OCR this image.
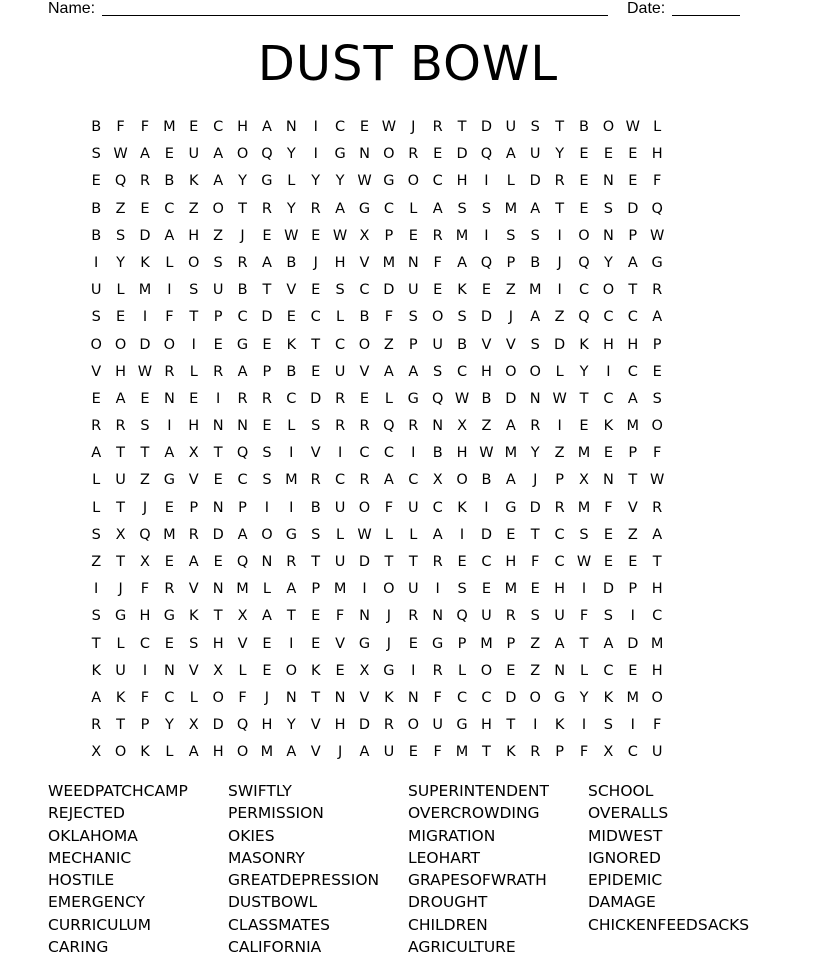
Name:	Date:
DUST BOWL
B	F	F M E	C H A N	I	C	E W	J	R	T D U S	T	B O W L
S W A	E U A O Q Y	I	G N O R	E D Q A U	Y	E	E	E H
E Q R B	K	A	Y G	L	Y	Y W G O C H	I	L	D R	E N E	F
B Z	E	C Z O T	R	Y	R A G C	L	A	S	S M A	T	E	S D Q
B	S D A H Z	J	E W E W X	P	E	R M	I	S	S	I	O N	P W
I	Y	K	L	O S	R A B	J	H V M N	F	A Q P	B	J	Q Y	A G
U	L M	I	S U B	T	V	E	S	C D U	E	K	E	Z M	I	C O T	R
S	E	I	F	T	P	C D E	C	L	B	F	S O S D	J	A Z Q C C A
O O D O	I	E G E	K	T	C O Z	P	U B V V	S D K H H	P
V H W R	L	R A	P	B	E U V A A	S	C H O O	L	Y	I	C	E
E	A	E N E	I	R R C D R	E	L	G Q W B D N W T	C A	S
R R	S	I	H N N E	L	S	R R Q R N X Z A R	I	E	K M O
A	T	T	A X	T Q S	I	V	I	C C	I	B H W M Y	Z M E	P	F
L	U Z G V	E	C	S M R C R A C X O B A	J	P	X N	T W
L	T	J	E	P	N	P	I	I	B U O	F	U C	K	I	G D R M F	V R
S	X Q M R D A O G S	L W L	L	A	I	D E	T	C	S	E	Z A
Z	T	X	E	A	E Q N R	T	U D T	T	R	E	C H	F	C W E	E	T
I	J	F	R V N M L	A	P M	I	O U	I	S	E M E H	I	D P	H
S G H G K	T	X A	T	E	F	N	J	R N Q U R	S U	F	S	I	C
T	L	C	E	S H V	E	I	E	V G	J	E G P M P	Z A	T	A D M
K U	I	N V X	L	E O K	E	X G	I	R	L	O E	Z N	L	C	E H
A	K	F	C	L	O	F	J	N	T	N V	K N	F	C C D O G Y	K M O
R	T	P	Y	X D Q H	Y	V H D R O U G H	T	I	K	I	S	I	F
X O K	L	A H O M A V	J	A U	E	F M T	K	R	P	F	X C U
WEEDPATCHCAMP
REJECTED
OKLAHOMA
MECHANIC
HOSTILE
EMERGENCY
CURRICULUM
CARING
SWIFTLY
PERMISSION
OKIES
MASONRY
GREATDEPRESSION
DUSTBOWL
CLASSMATES
CALIFORNIA
SUPERINTENDENT
OVERCROWDING
MIGRATION
LEOHART
GRAPESOFWRATH
DROUGHT
CHILDREN
AGRICULTURE
SCHOOL
OVERALLS
MIDWEST
IGNORED
EPIDEMIC
DAMAGE
CHICKENFEEDSACKS
